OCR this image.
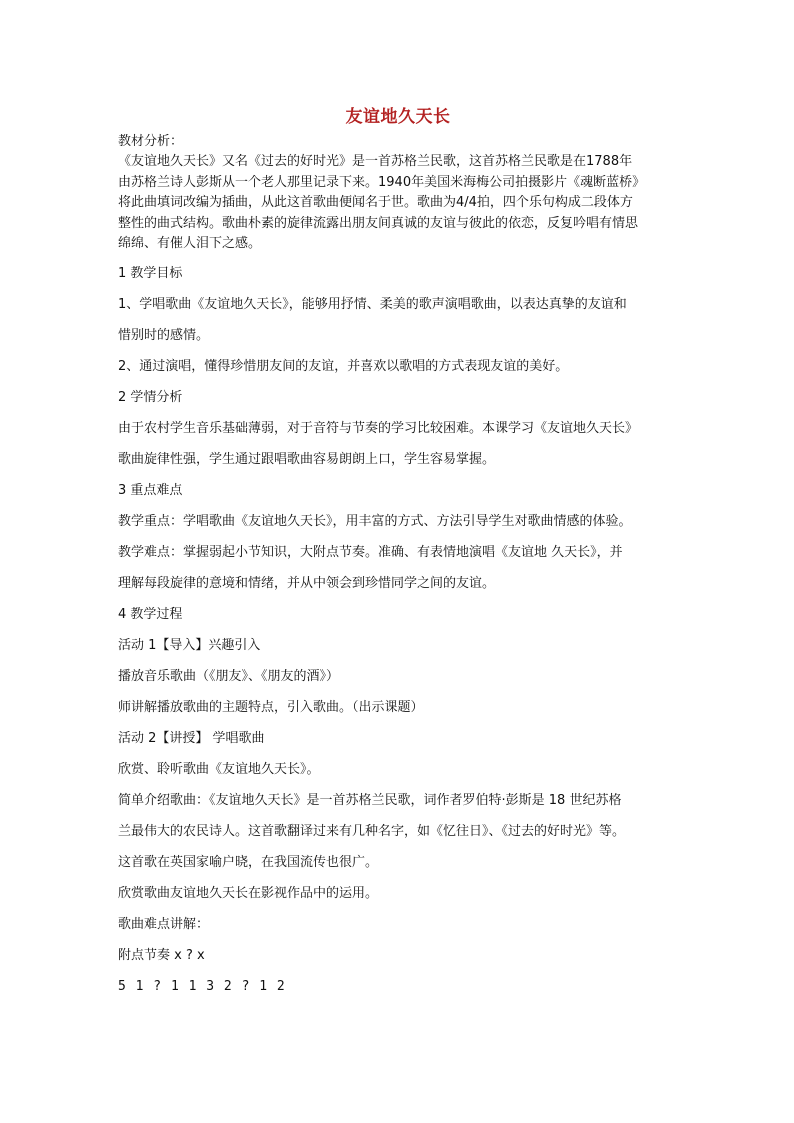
友谊地久天长

教材分析：

《友谊地久天长》又名《过去的好时光》是一首苏格兰民歌，这首苏格兰民歌是在1788年

由苏格兰诗人彭斯从一个老人那里记录下来。1940年美国米海梅公司拍摄影片《魂断蓝桥》

将此曲填词改编为插曲，从此这首歌曲便闻名于世。歌曲为4/4拍，四个乐句构成二段体方

整性的曲式结构。歌曲朴素的旋律流露出朋友间真诚的友谊与彼此的依恋，反复吟唱有情思

绵绵、有催人泪下之感。

1 教学目标

1、学唱歌曲《友谊地久天长》，能够用抒情、柔美的歌声演唱歌曲，以表达真挚的友谊和

惜别时的感情。

2、通过演唱，懂得珍惜朋友间的友谊，并喜欢以歌唱的方式表现友谊的美好。

2 学情分析

由于农村学生音乐基础薄弱，对于音符与节奏的学习比较困难。本课学习《友谊地久天长》

歌曲旋律性强，学生通过跟唱歌曲容易朗朗上口，学生容易掌握。

3 重点难点

教学重点：学唱歌曲《友谊地久天长》，用丰富的方式、方法引导学生对歌曲情感的体验。

教学难点：掌握弱起小节知识，大附点节奏。准确、有表情地演唱《友谊地 久天长》，并

理解每段旋律的意境和情绪，并从中领会到珍惜同学之间的友谊。

4 教学过程

活动 1【导入】兴趣引入

播放音乐歌曲（《朋友》、《朋友的酒》）

师讲解播放歌曲的主题特点，引入歌曲。（出示课题）

活动 2【讲授】 学唱歌曲

欣赏、聆听歌曲《友谊地久天长》。

简单介绍歌曲：《友谊地久天长》是一首苏格兰民歌，词作者罗伯特·彭斯是 18 世纪苏格

兰最伟大的农民诗人。这首歌翻译过来有几种名字，如《忆往日》、《过去的好时光》等。

这首歌在英国家喻户晓，在我国流传也很广。

欣赏歌曲友谊地久天长在影视作品中的运用。

歌曲难点讲解：

附点节奏 x ? x

5 1 ? 1 1 3 2 ? 1 2
